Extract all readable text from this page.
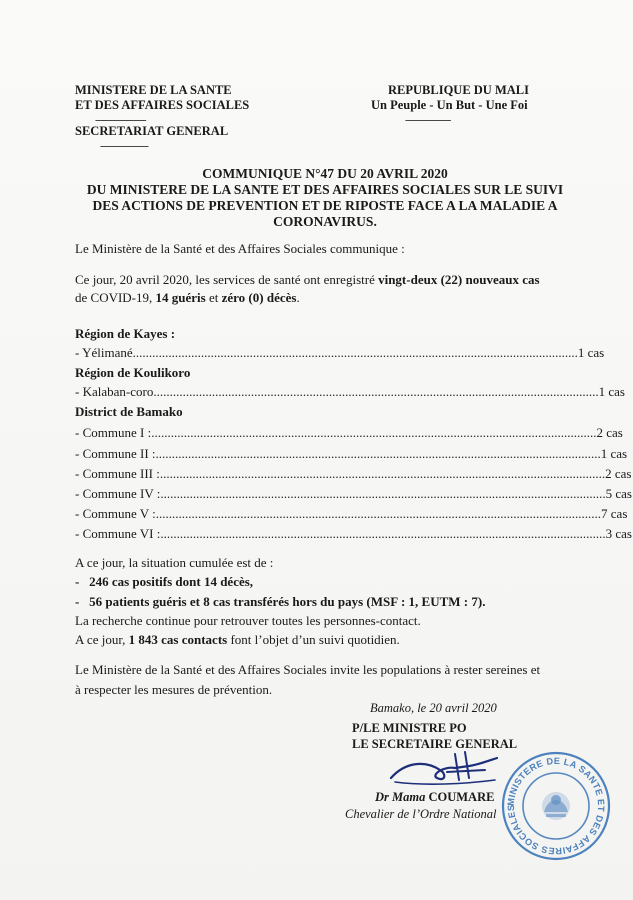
MINISTERE DE LA SANTE
ET DES AFFAIRES SOCIALES
-------------------
SECRETARIAT GENERAL
------------------
REPUBLIQUE DU MALI
Un Peuple - Un But - Une Foi
-----------------
COMMUNIQUE N°47 DU 20 AVRIL 2020
DU MINISTERE DE LA SANTE ET DES AFFAIRES SOCIALES SUR LE SUIVI
DES ACTIONS DE PREVENTION ET DE RIPOSTE FACE A LA MALADIE A
CORONAVIRUS.
Le Ministère de la Santé et des Affaires Sociales communique :
Ce jour, 20 avril 2020, les services de santé ont enregistré vingt-deux (22) nouveaux cas
de COVID-19, 14 guéris et zéro (0) décès.
Région de Kayes :
- Yélimané ......................................................................................................................................... 1 cas
Région de Koulikoro
- Kalaban-coro ......................................................................................................................................... 1 cas
District de Bamako
- Commune I : ......................................................................................................................................... 2 cas
- Commune II : ......................................................................................................................................... 1 cas
- Commune III : ......................................................................................................................................... 2 cas
- Commune IV : ......................................................................................................................................... 5 cas
- Commune V : ......................................................................................................................................... 7 cas
- Commune VI : ......................................................................................................................................... 3 cas
A ce jour, la situation cumulée est de :
-   246 cas positifs dont 14 décès,
-   56 patients guéris et 8 cas transférés hors du pays (MSF : 1, EUTM : 7).
La recherche continue pour retrouver toutes les personnes-contact.
A ce jour, 1 843 cas contacts font l’objet d’un suivi quotidien.
Le Ministère de la Santé et des Affaires Sociales invite les populations à rester sereines et
à respecter les mesures de prévention.
Bamako, le 20 avril 2020
P/LE MINISTRE PO
LE SECRETAIRE GENERAL
Dr Mama COUMARE
Chevalier de l’Ordre National
MINISTERE DE LA SANTE ET DES AFFAIRES SOCIALES
